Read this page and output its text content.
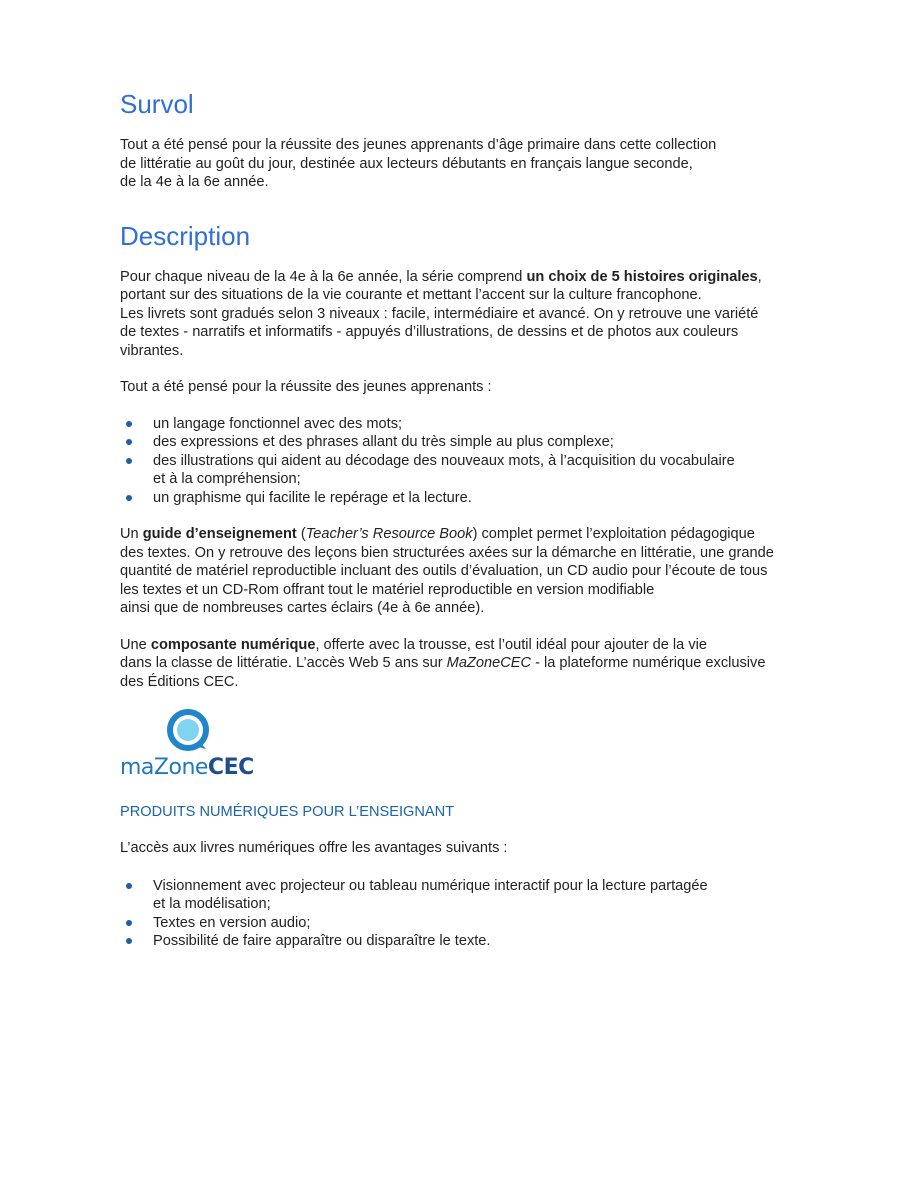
Survol

Tout a été pensé pour la réussite des jeunes apprenants d’âge primaire dans cette collection
de littératie au goût du jour, destinée aux lecteurs débutants en français langue seconde,
de la 4e à la 6e année.

Description

Pour chaque niveau de la 4e à la 6e année, la série comprend un choix de 5 histoires originales,
portant sur des situations de la vie courante et mettant l’accent sur la culture francophone.
Les livrets sont gradués selon 3 niveaux : facile, intermédiaire et avancé. On y retrouve une variété
de textes - narratifs et informatifs - appuyés d’illustrations, de dessins et de photos aux couleurs
vibrantes.

Tout a été pensé pour la réussite des jeunes apprenants :

un langage fonctionnel avec des mots;
des expressions et des phrases allant du très simple au plus complexe;
des illustrations qui aident au décodage des nouveaux mots, à l’acquisition du vocabulaire
et à la compréhension;
un graphisme qui facilite le repérage et la lecture.

Un guide d’enseignement (Teacher’s Resource Book) complet permet l’exploitation pédagogique
des textes. On y retrouve des leçons bien structurées axées sur la démarche en littératie, une grande
quantité de matériel reproductible incluant des outils d’évaluation, un CD audio pour l’écoute de tous
les textes et un CD-Rom offrant tout le matériel reproductible en version modifiable
ainsi que de nombreuses cartes éclairs (4e à 6e année).

Une composante numérique, offerte avec la trousse, est l’outil idéal pour ajouter de la vie
dans la classe de littératie. L’accès Web 5 ans sur MaZoneCEC - la plateforme numérique exclusive
des Éditions CEC.

maZoneCEC

PRODUITS NUMÉRIQUES POUR L’ENSEIGNANT

L’accès aux livres numériques offre les avantages suivants :

Visionnement avec projecteur ou tableau numérique interactif pour la lecture partagée
et la modélisation;
Textes en version audio;
Possibilité de faire apparaître ou disparaître le texte.
